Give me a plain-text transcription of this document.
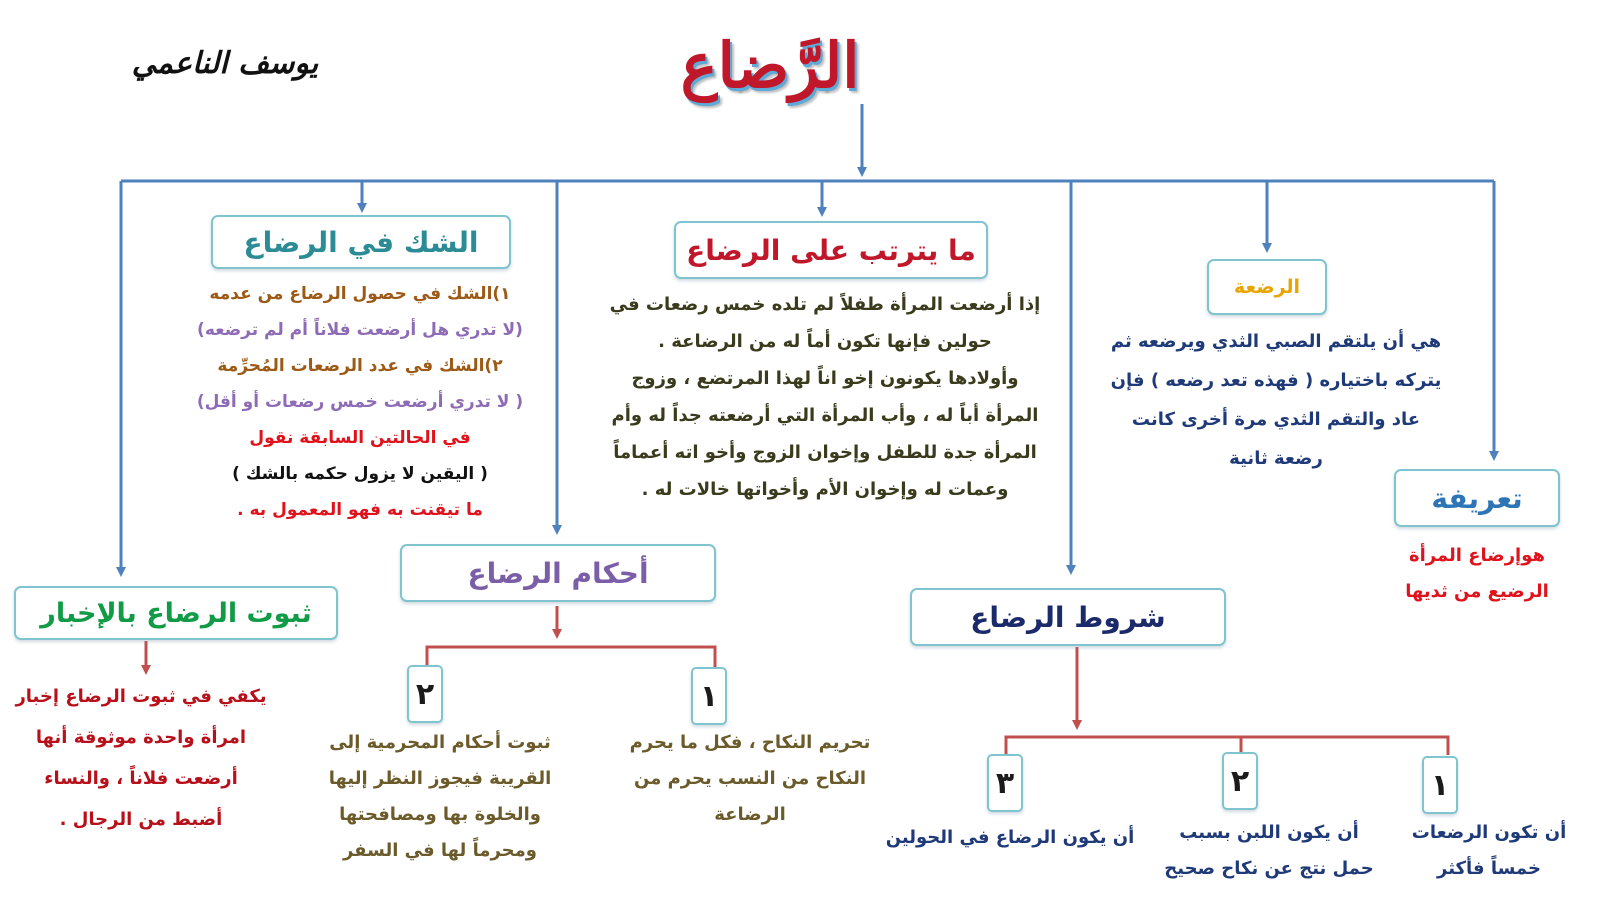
الرَّضاع
يوسف الناعمي
تعريفة
هوإرضاع المرأة
الرضيع من ثديها
الرضعة
هي أن يلتقم الصبي الثدي ويرضعه ثم
يتركه باختياره ( فهذه تعد رضعه ) فإن
عاد والتقم الثدي مرة أخرى كانت
رضعة ثانية
شروط الرضاع
١
٢
٣
أن تكون الرضعات
خمساً فأكثر
أن يكون اللبن بسبب
حمل نتج عن نكاح صحيح
أن يكون الرضاع في الحولين
ما يترتب على الرضاع
إذا أرضعت المرأة طفلاً لم تلده خمس رضعات في
حولين فإنها تكون أماً له من الرضاعة .
وأولادها يكونون إخو اناً لهذا المرتضع ، وزوج
المرأة أباً له ، وأب المرأة التي أرضعته جداً له وأم
المرأة جدة للطفل وإخوان الزوج وأخو اته أعماماً
وعمات له وإخوان الأم وأخواتها خالات له .
أحكام الرضاع
١
٢
تحريم النكاح ، فكل ما يحرم
النكاح من النسب يحرم من
الرضاعة
ثبوت أحكام المحرمية إلى
القريبة فيجوز النظر إليها
والخلوة بها ومصافحتها
ومحرماً لها في السفر
الشك في الرضاع
١)الشك في حصول الرضاع من عدمه
(لا تدري هل أرضعت فلاناً أم لم ترضعه)
٢)الشك في عدد الرضعات المُحرِّمة
( لا تدري أرضعت خمس رضعات أو أقل)
في الحالتين السابقة نقول
( اليقين لا يزول حكمه بالشك )
ما تيقنت به فهو المعمول به .
ثبوت الرضاع بالإخبار
يكفي في ثبوت الرضاع إخبار
امرأة واحدة موثوقة أنها
أرضعت فلاناً ، والنساء
أضبط من الرجال .
